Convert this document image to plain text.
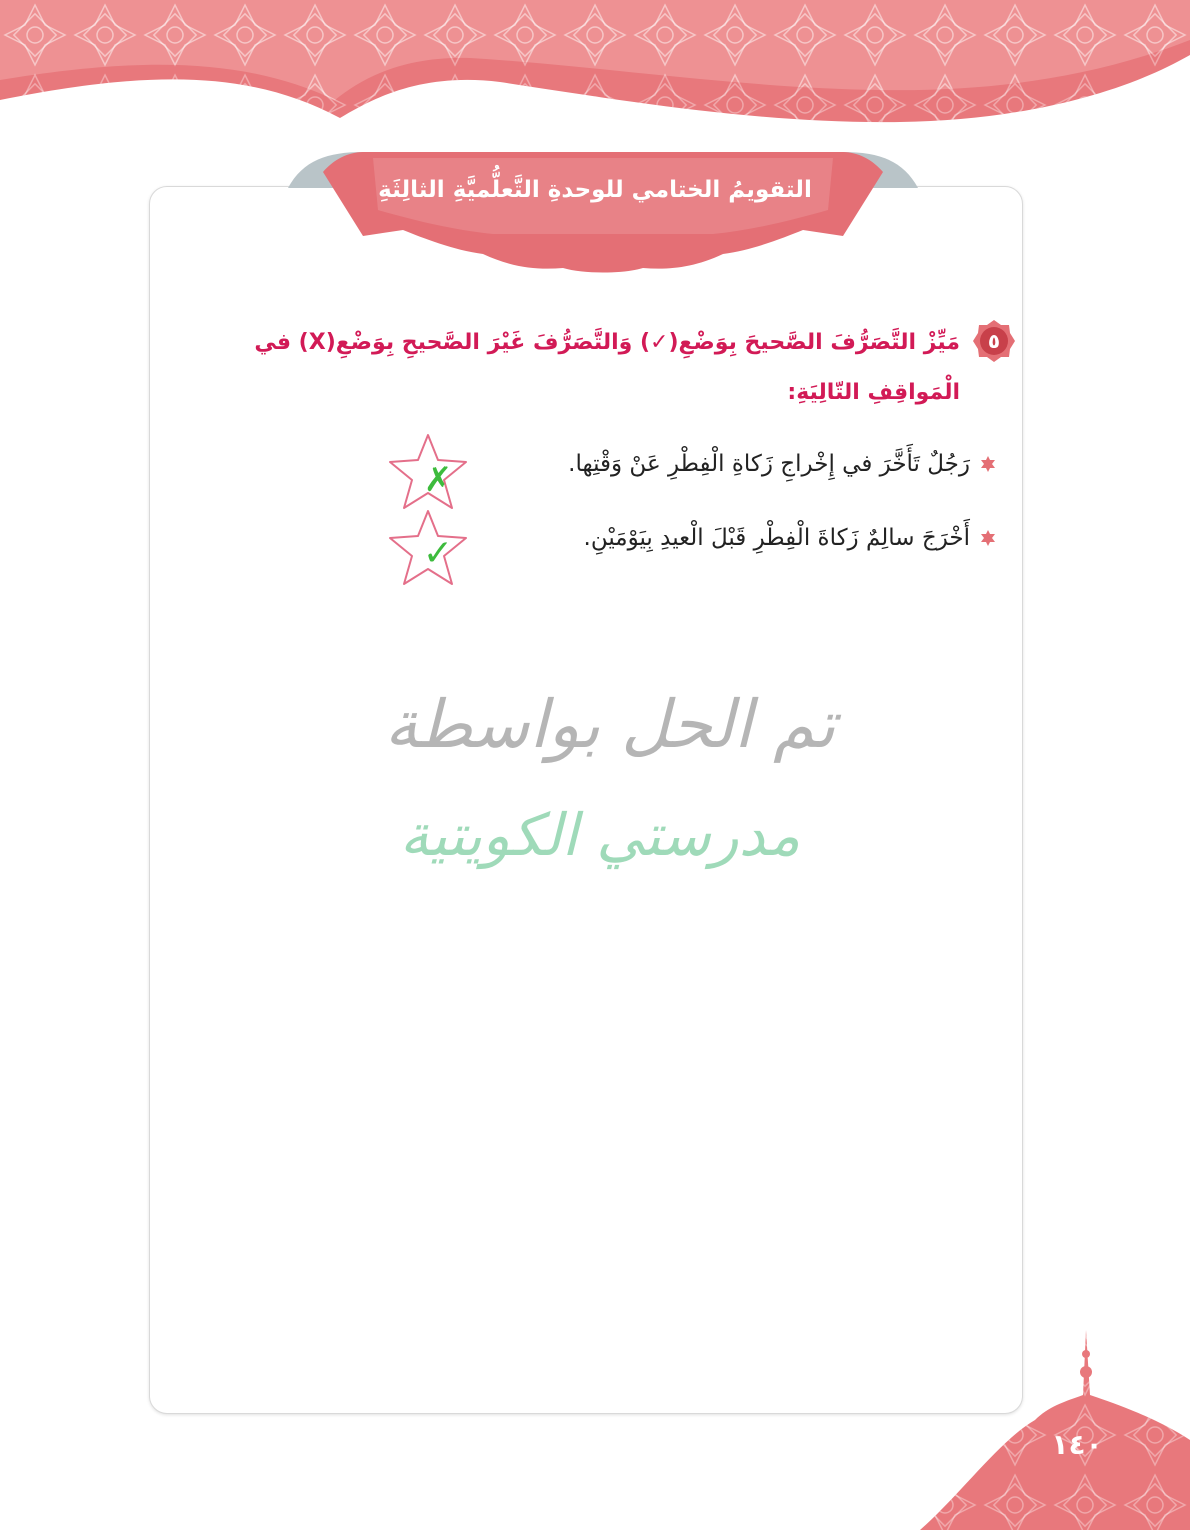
التقويمُ الختامي للوحدةِ التَّعلُّميَّةِ الثالِثَةِ
٥
مَيِّزْ التَّصَرُّفَ الصَّحيحَ بِوَضْعِ(✓) وَالتَّصَرُّفَ غَيْرَ الصَّحيحِ بِوَضْعِ(X) في الْمَواقِفِ التّالِيَةِ:
رَجُلٌ تَأَخَّرَ في إِخْراجِ زَكاةِ الْفِطْرِ عَنْ وَقْتِها.
✗
أَخْرَجَ سالِمٌ زَكاةَ الْفِطْرِ قَبْلَ الْعيدِ بِيَوْمَيْنِ.
✓
تم الحل بواسطة
مدرستي الكويتية
١٤٠
